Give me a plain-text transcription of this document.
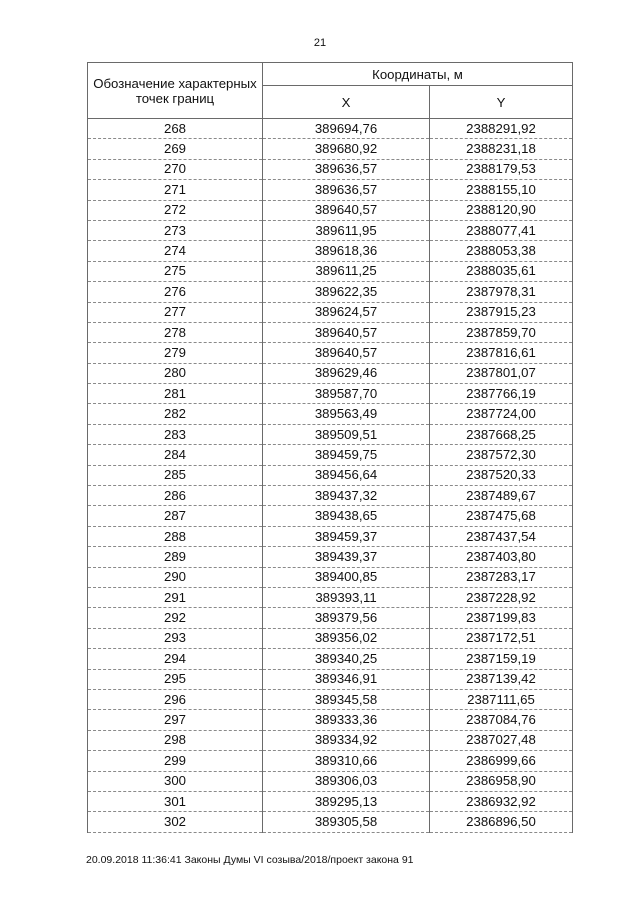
21
Обозначение характерных точек границ	Координаты, м	
	X	Y
268	389694,76	2388291,92
269	389680,92	2388231,18
270	389636,57	2388179,53
271	389636,57	2388155,10
272	389640,57	2388120,90
273	389611,95	2388077,41
274	389618,36	2388053,38
275	389611,25	2388035,61
276	389622,35	2387978,31
277	389624,57	2387915,23
278	389640,57	2387859,70
279	389640,57	2387816,61
280	389629,46	2387801,07
281	389587,70	2387766,19
282	389563,49	2387724,00
283	389509,51	2387668,25
284	389459,75	2387572,30
285	389456,64	2387520,33
286	389437,32	2387489,67
287	389438,65	2387475,68
288	389459,37	2387437,54
289	389439,37	2387403,80
290	389400,85	2387283,17
291	389393,11	2387228,92
292	389379,56	2387199,83
293	389356,02	2387172,51
294	389340,25	2387159,19
295	389346,91	2387139,42
296	389345,58	2387111,65
297	389333,36	2387084,76
298	389334,92	2387027,48
299	389310,66	2386999,66
300	389306,03	2386958,90
301	389295,13	2386932,92
302	389305,58	2386896,50
20.09.2018 11:36:41 Законы Думы VI созыва/2018/проект закона 91
